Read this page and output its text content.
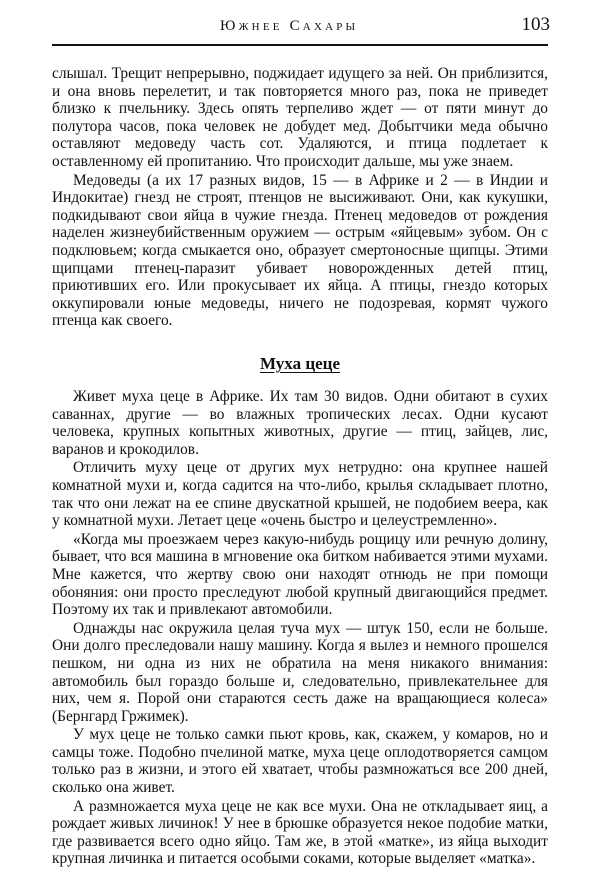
Южнее Сахары	103

слышал. Трещит непрерывно, поджидает идущего за ней. Он приблизится, и она вновь перелетит, и так повторяется много раз, пока не приведет близко к пчельнику. Здесь опять терпеливо ждет — от пяти минут до полутора часов, пока человек не добудет мед. Добытчики меда обычно оставляют медоведу часть сот. Удаляются, и птица подлетает к оставленному ей пропитанию. Что происходит дальше, мы уже знаем.

Медоведы (а их 17 разных видов, 15 — в Африке и 2 — в Индии и Индокитае) гнезд не строят, птенцов не высиживают. Они, как кукушки, подкидывают свои яйца в чужие гнезда. Птенец медоведов от рождения наделен жизнеубийственным оружием — острым «яйцевым» зубом. Он с подклювьем; когда смыкается оно, образует смертоносные щипцы. Этими щипцами птенец-паразит убивает новорожденных детей птиц, приютивших его. Или прокусывает их яйца. А птицы, гнездо которых оккупировали юные медоведы, ничего не подозревая, кормят чужого птенца как своего.

Муха цеце

Живет муха цеце в Африке. Их там 30 видов. Одни обитают в сухих саваннах, другие — во влажных тропических лесах. Одни кусают человека, крупных копытных животных, другие — птиц, зайцев, лис, варанов и крокодилов.

Отличить муху цеце от других мух нетрудно: она крупнее нашей комнатной мухи и, когда садится на что-либо, крылья складывает плотно, так что они лежат на ее спине двускатной крышей, не подобием веера, как у комнатной мухи. Летает цеце «очень быстро и целеустремленно».

«Когда мы проезжаем через какую-нибудь рощицу или речную долину, бывает, что вся машина в мгновение ока битком набивается этими мухами. Мне кажется, что жертву свою они находят отнюдь не при помощи обоняния: они просто преследуют любой крупный двигающийся предмет. Поэтому их так и привлекают автомобили.

Однажды нас окружила целая туча мух — штук 150, если не больше. Они долго преследовали нашу машину. Когда я вылез и немного прошелся пешком, ни одна из них не обратила на меня никакого внимания: автомобиль был гораздо больше и, следовательно, привлекательнее для них, чем я. Порой они стараются сесть даже на вращающиеся колеса» (Бернгард Гржимек).

У мух цеце не только самки пьют кровь, как, скажем, у комаров, но и самцы тоже. Подобно пчелиной матке, муха цеце оплодотворяется самцом только раз в жизни, и этого ей хватает, чтобы размножаться все 200 дней, сколько она живет.

А размножается муха цеце не как все мухи. Она не откладывает яиц, а рождает живых личинок! У нее в брюшке образуется некое подобие матки, где развивается всего одно яйцо. Там же, в этой «матке», из яйца выходит крупная личинка и питается особыми соками, которые выделяет «матка».
